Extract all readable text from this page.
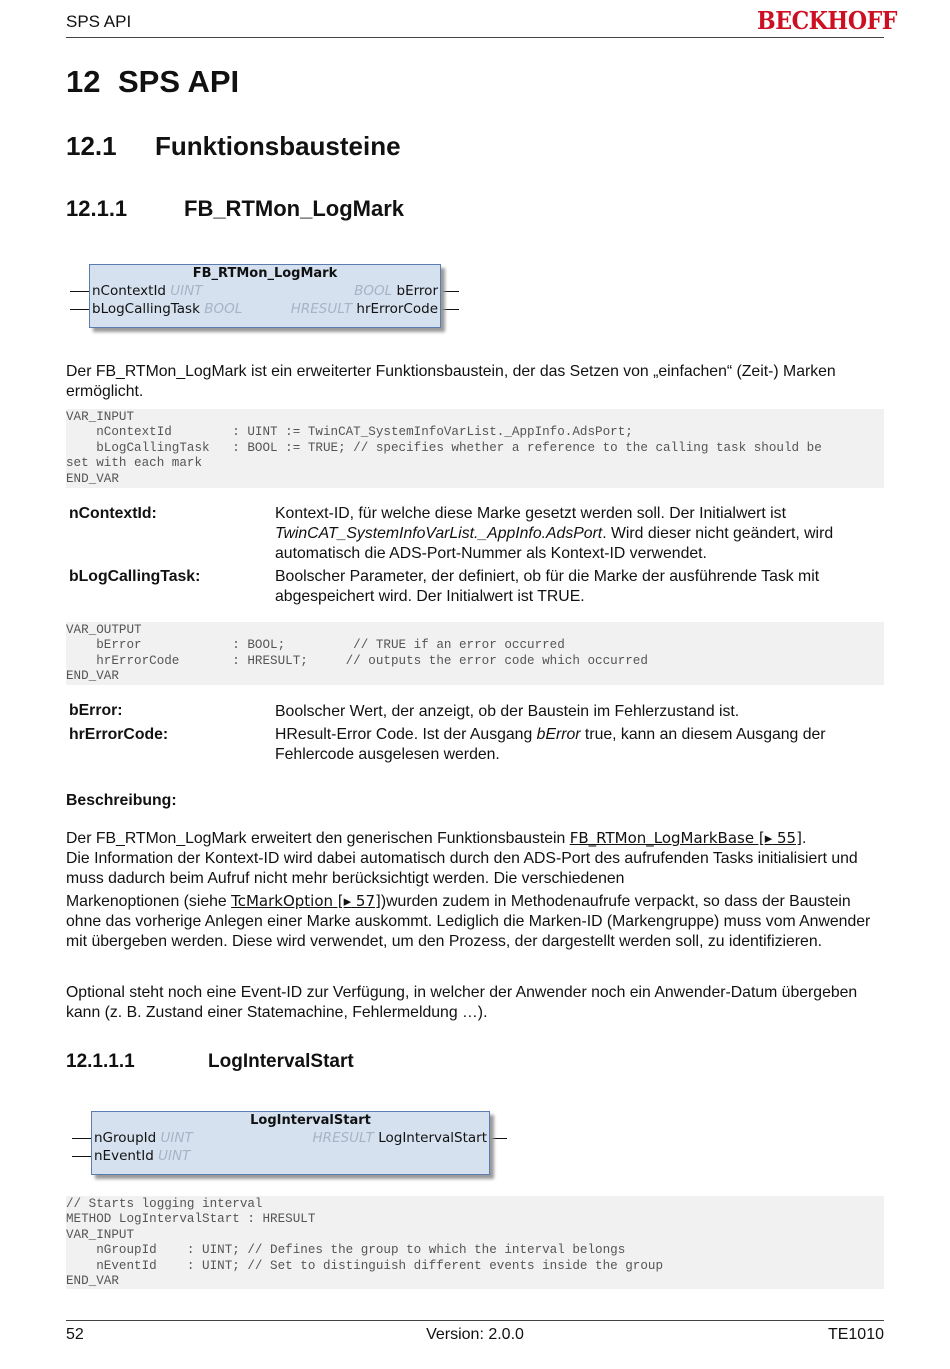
SPS API	BECKHOFF
12 SPS API
12.1 Funktionsbausteine
12.1.1	FB_RTMon_LogMark
FB_RTMon_LogMark
nContextId UINT
bLogCallingTask BOOL
BOOL bError
HRESULT hrErrorCode
Der FB_RTMon_LogMark ist ein erweiterter Funktionsbaustein, der das Setzen von „einfachen“ (Zeit-) Marken ermöglicht.
VAR_INPUT
nContextId        : UINT := TwinCAT_SystemInfoVarList._AppInfo.AdsPort;
bLogCallingTask   : BOOL := TRUE; // specifies whether a reference to the calling task should be
set with each mark
END_VAR
nContextId:	Kontext-ID, für welche diese Marke gesetzt werden soll. Der Initialwert ist TwinCAT_SystemInfoVarList._AppInfo.AdsPort. Wird dieser nicht geändert, wird automatisch die ADS-Port-Nummer als Kontext-ID verwendet.
bLogCallingTask:	Boolscher Parameter, der definiert, ob für die Marke der ausführende Task mit abgespeichert wird. Der Initialwert ist TRUE.
VAR_OUTPUT
bError            : BOOL;         // TRUE if an error occurred
hrErrorCode       : HRESULT;     // outputs the error code which occurred
END_VAR
bError:	Boolscher Wert, der anzeigt, ob der Baustein im Fehlerzustand ist.
hrErrorCode:	HResult-Error Code. Ist der Ausgang bError true, kann an diesem Ausgang der Fehlercode ausgelesen werden.
Beschreibung:
Der FB_RTMon_LogMark erweitert den generischen Funktionsbaustein FB_RTMon_LogMarkBase [▸ 55].
Die Information der Kontext-ID wird dabei automatisch durch den ADS-Port des aufrufenden Tasks initialisiert und muss dadurch beim Aufruf nicht mehr berücksichtigt werden. Die verschiedenen
Markenoptionen (siehe TcMarkOption [▸ 57])wurden zudem in Methodenaufrufe verpackt, so dass der Baustein ohne das vorherige Anlegen einer Marke auskommt. Lediglich die Marken-ID (Markengruppe) muss vom Anwender mit übergeben werden. Diese wird verwendet, um den Prozess, der dargestellt werden soll, zu identifizieren.
Optional steht noch eine Event-ID zur Verfügung, in welcher der Anwender noch ein Anwender-Datum übergeben kann (z. B. Zustand einer Statemachine, Fehlermeldung …).
12.1.1.1	LogIntervalStart
LogIntervalStart
nGroupId UINT
nEventId UINT
HRESULT LogIntervalStart
// Starts logging interval
METHOD LogIntervalStart : HRESULT
VAR_INPUT
nGroupId    : UINT; // Defines the group to which the interval belongs
nEventId    : UINT; // Set to distinguish different events inside the group
END_VAR
52	Version: 2.0.0	TE1010
